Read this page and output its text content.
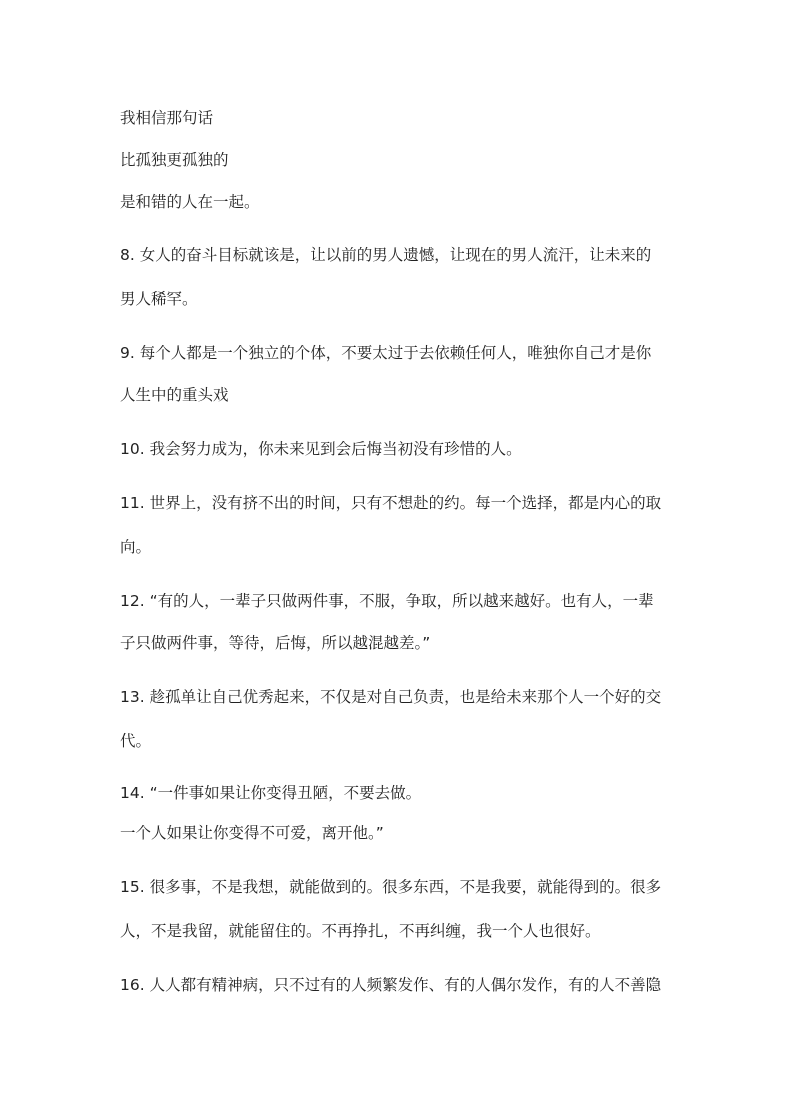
我相信那句话
比孤独更孤独的
是和错的人在一起。
8. 女人的奋斗目标就该是，让以前的男人遗憾，让现在的男人流汗，让未来的
男人稀罕。
9. 每个人都是一个独立的个体，不要太过于去依赖任何人，唯独你自己才是你
人生中的重头戏
10. 我会努力成为，你未来见到会后悔当初没有珍惜的人。
11. 世界上，没有挤不出的时间，只有不想赴的约。每一个选择，都是内心的取
向。
12. “有的人，一辈子只做两件事，不服，争取，所以越来越好。也有人，一辈
子只做两件事，等待，后悔，所以越混越差。”
13. 趁孤单让自己优秀起来，不仅是对自己负责，也是给未来那个人一个好的交
代。
14. “一件事如果让你变得丑陋，不要去做。
一个人如果让你变得不可爱，离开他。”
15. 很多事，不是我想，就能做到的。很多东西，不是我要，就能得到的。很多
人，不是我留，就能留住的。不再挣扎，不再纠缠，我一个人也很好。
16. 人人都有精神病，只不过有的人频繁发作、有的人偶尔发作，有的人不善隐
